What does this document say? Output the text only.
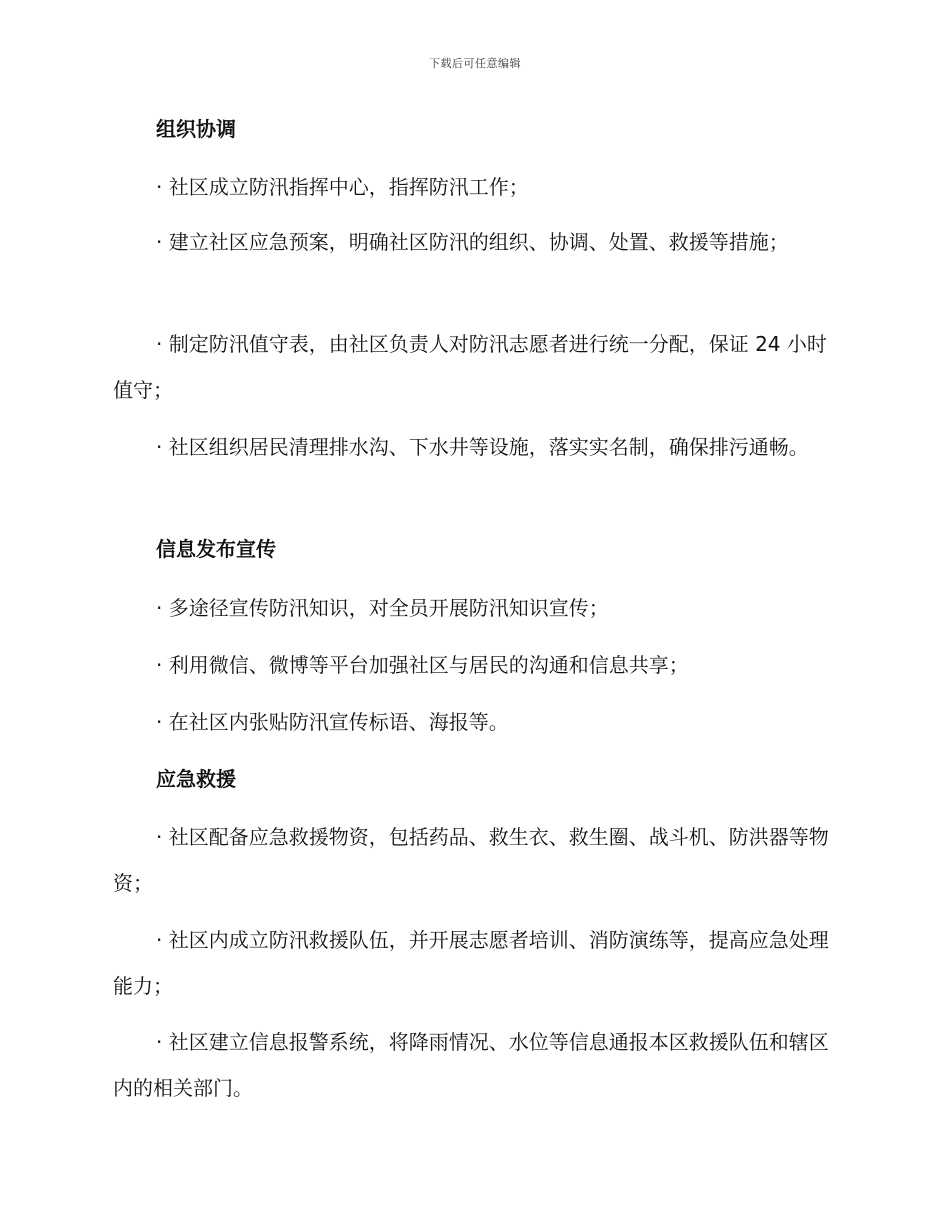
下载后可任意编辑
组织协调
· 社区成立防汛指挥中心，指挥防汛工作；
· 建立社区应急预案，明确社区防汛的组织、协调、处置、救援等措施；
· 制定防汛值守表，由社区负责人对防汛志愿者进行统一分配，保证 24 小时值守；
· 社区组织居民清理排水沟、下水井等设施，落实实名制，确保排污通畅。
信息发布宣传
· 多途径宣传防汛知识，对全员开展防汛知识宣传；
· 利用微信、微博等平台加强社区与居民的沟通和信息共享；
· 在社区内张贴防汛宣传标语、海报等。
应急救援
· 社区配备应急救援物资，包括药品、救生衣、救生圈、战斗机、防洪器等物资；
· 社区内成立防汛救援队伍，并开展志愿者培训、消防演练等，提高应急处理能力；
· 社区建立信息报警系统，将降雨情况、水位等信息通报本区救援队伍和辖区内的相关部门。
